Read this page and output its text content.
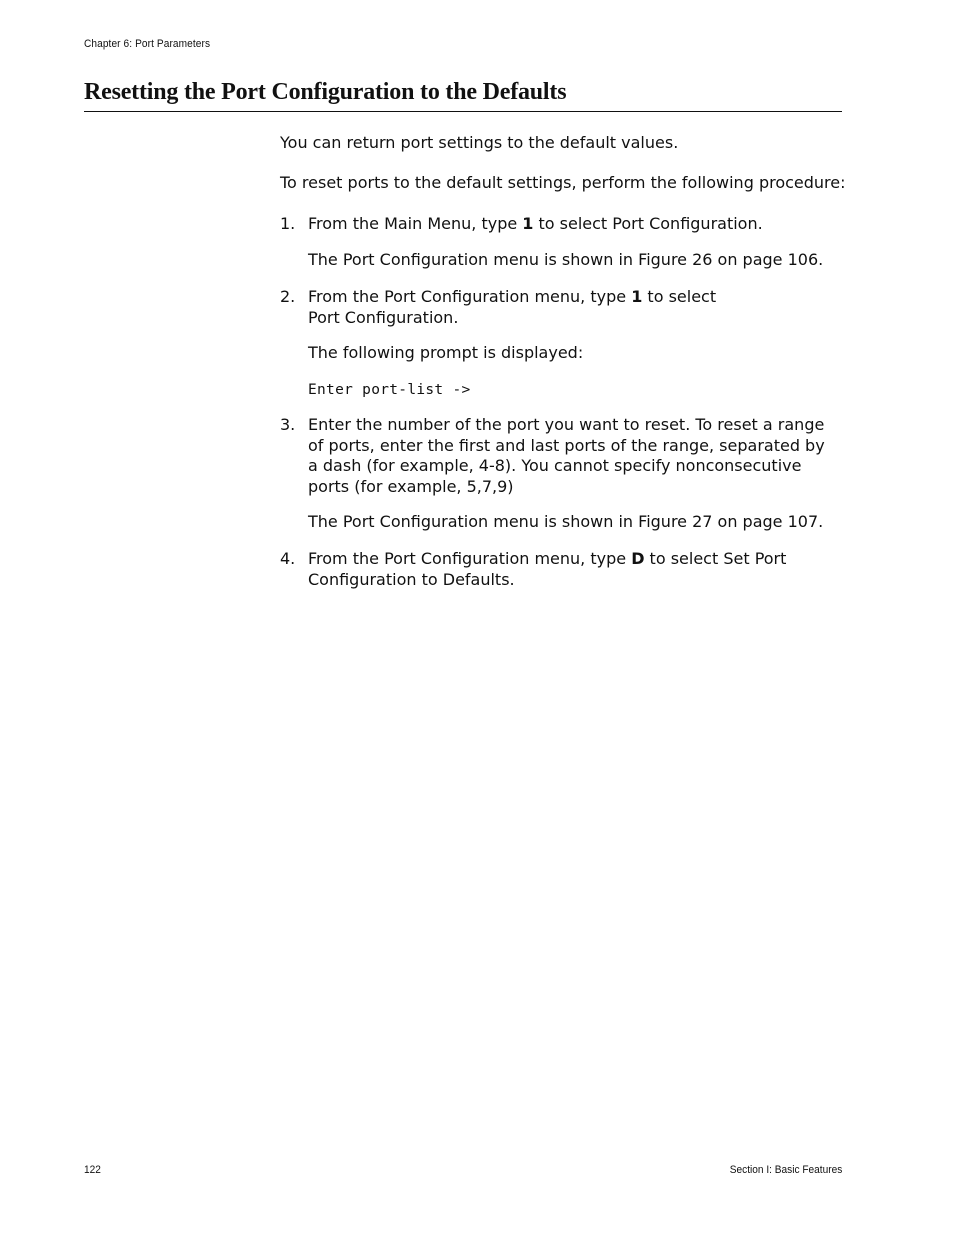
Chapter 6: Port Parameters
Resetting the Port Configuration to the Defaults

You can return port settings to the default values.

To reset ports to the default settings, perform the following procedure:

1. From the Main Menu, type 1 to select Port Configuration.

The Port Configuration menu is shown in Figure 26 on page 106.

2. From the Port Configuration menu, type 1 to select Port Configuration.

The following prompt is displayed:

Enter port-list ->

3. Enter the number of the port you want to reset. To reset a range of ports, enter the first and last ports of the range, separated by a dash (for example, 4-8). You cannot specify nonconsecutive ports (for example, 5,7,9)

The Port Configuration menu is shown in Figure 27 on page 107.

4. From the Port Configuration menu, type D to select Set Port Configuration to Defaults.

122	Section I: Basic Features
